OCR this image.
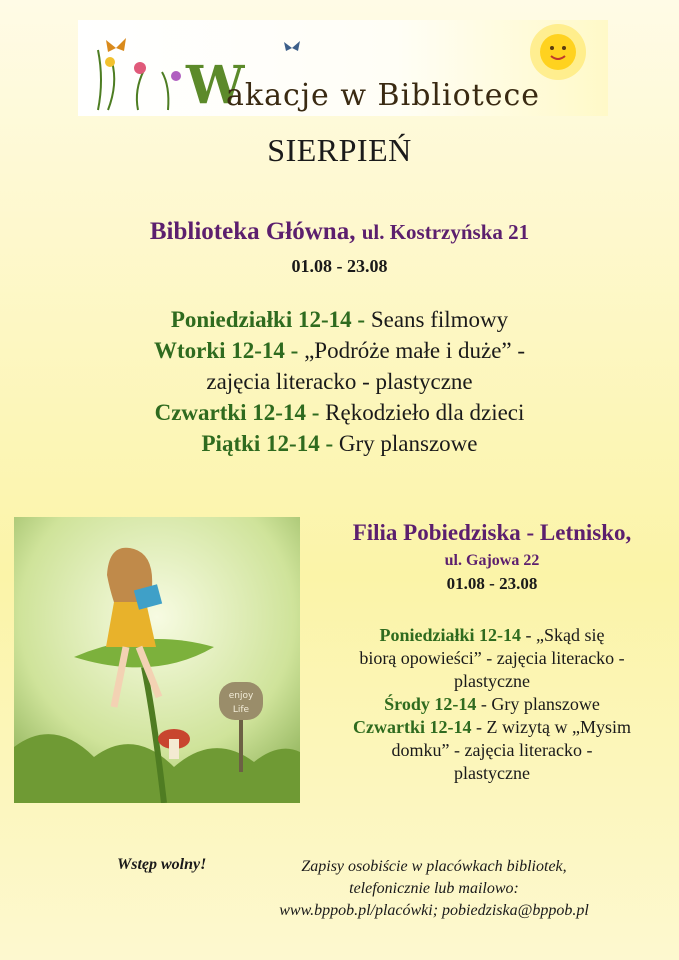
W
akacje w Bibliotece
SIERPIEŃ
Biblioteka Główna, ul. Kostrzyńska 21
01.08 - 23.08
Poniedziałki 12-14 - Seans filmowy
Wtorki 12-14 - „Podróże małe i duże” -
zajęcia literacko - plastyczne
Czwartki 12-14 - Rękodzieło dla dzieci
Piątki 12-14 - Gry planszowe
enjoy
Life
Filia Pobiedziska - Letnisko,
ul. Gajowa 22
01.08 - 23.08
Poniedziałki 12-14 - „Skąd się
biorą opowieści” - zajęcia literacko -
plastyczne
Środy 12-14 - Gry planszowe
Czwartki 12-14 - Z wizytą w „Mysim
domku” - zajęcia literacko -
plastyczne
Wstęp wolny!	Zapisy osobiście w placówkach bibliotek,
telefonicznie lub mailowo:
www.bppob.pl/placówki; pobiedziska@bppob.pl
